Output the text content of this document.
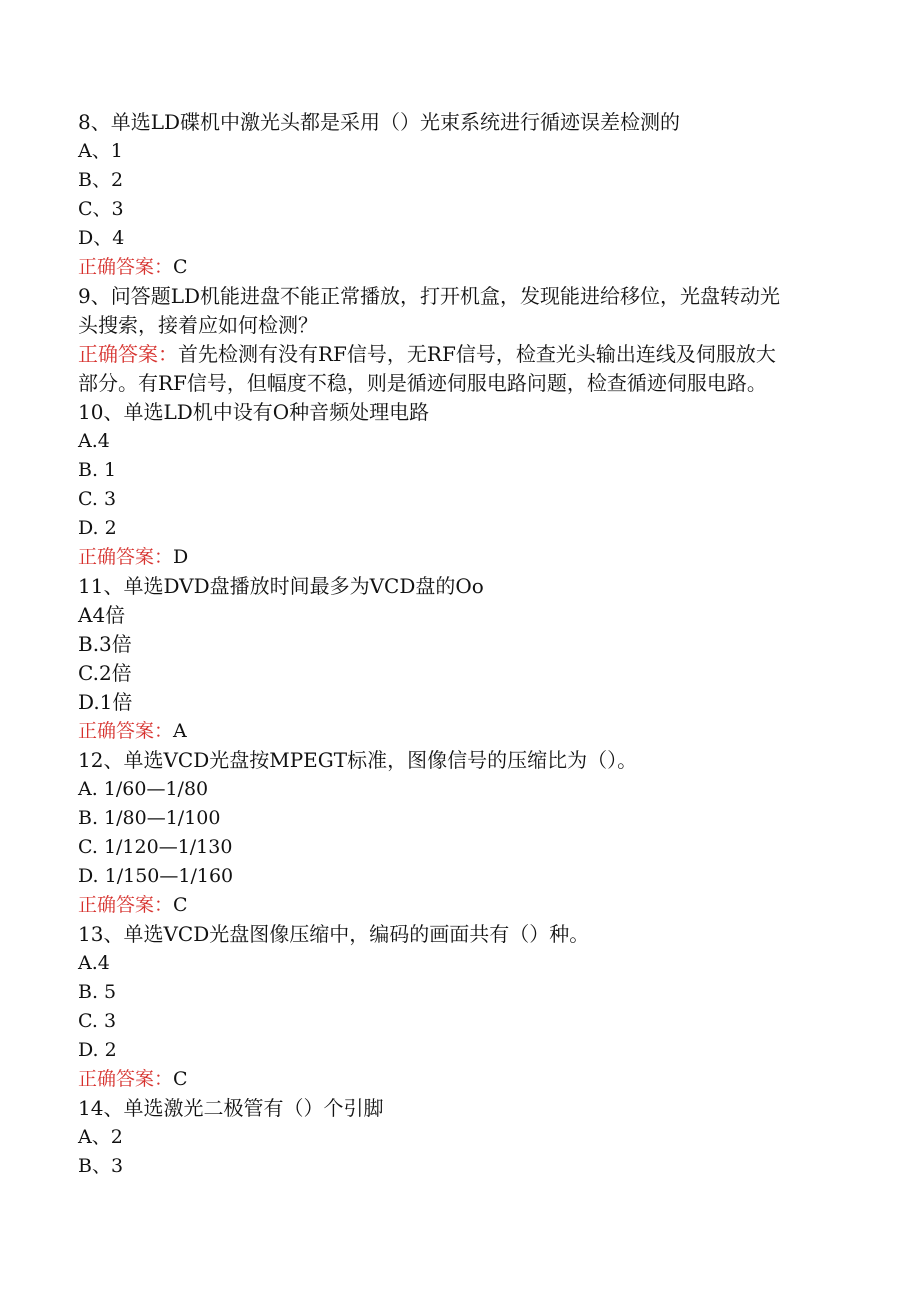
8、单选LD碟机中激光头都是采用（）光束系统进行循迹误差检测的
A、1
B、2
C、3
D、4
正确答案：C
9、问答题LD机能进盘不能正常播放，打开机盒，发现能进给移位，光盘转动光
头搜索，接着应如何检测？
正确答案：首先检测有没有RF信号，无RF信号，检查光头输出连线及伺服放大
部分。有RF信号，但幅度不稳，则是循迹伺服电路问题，检查循迹伺服电路。
10、单选LD机中设有O种音频处理电路
A.4
B. 1
C. 3
D. 2
正确答案：D
11、单选DVD盘播放时间最多为VCD盘的Oo
A4倍
B.3倍
C.2倍
D.1倍
正确答案：A
12、单选VCD光盘按MPEGT标准，图像信号的压缩比为（）。
A. 1/60—1/80
B. 1/80—1/100
C. 1/120—1/130
D. 1/150—1/160
正确答案：C
13、单选VCD光盘图像压缩中，编码的画面共有（）种。
A.4
B. 5
C. 3
D. 2
正确答案：C
14、单选激光二极管有（）个引脚
A、2
B、3
